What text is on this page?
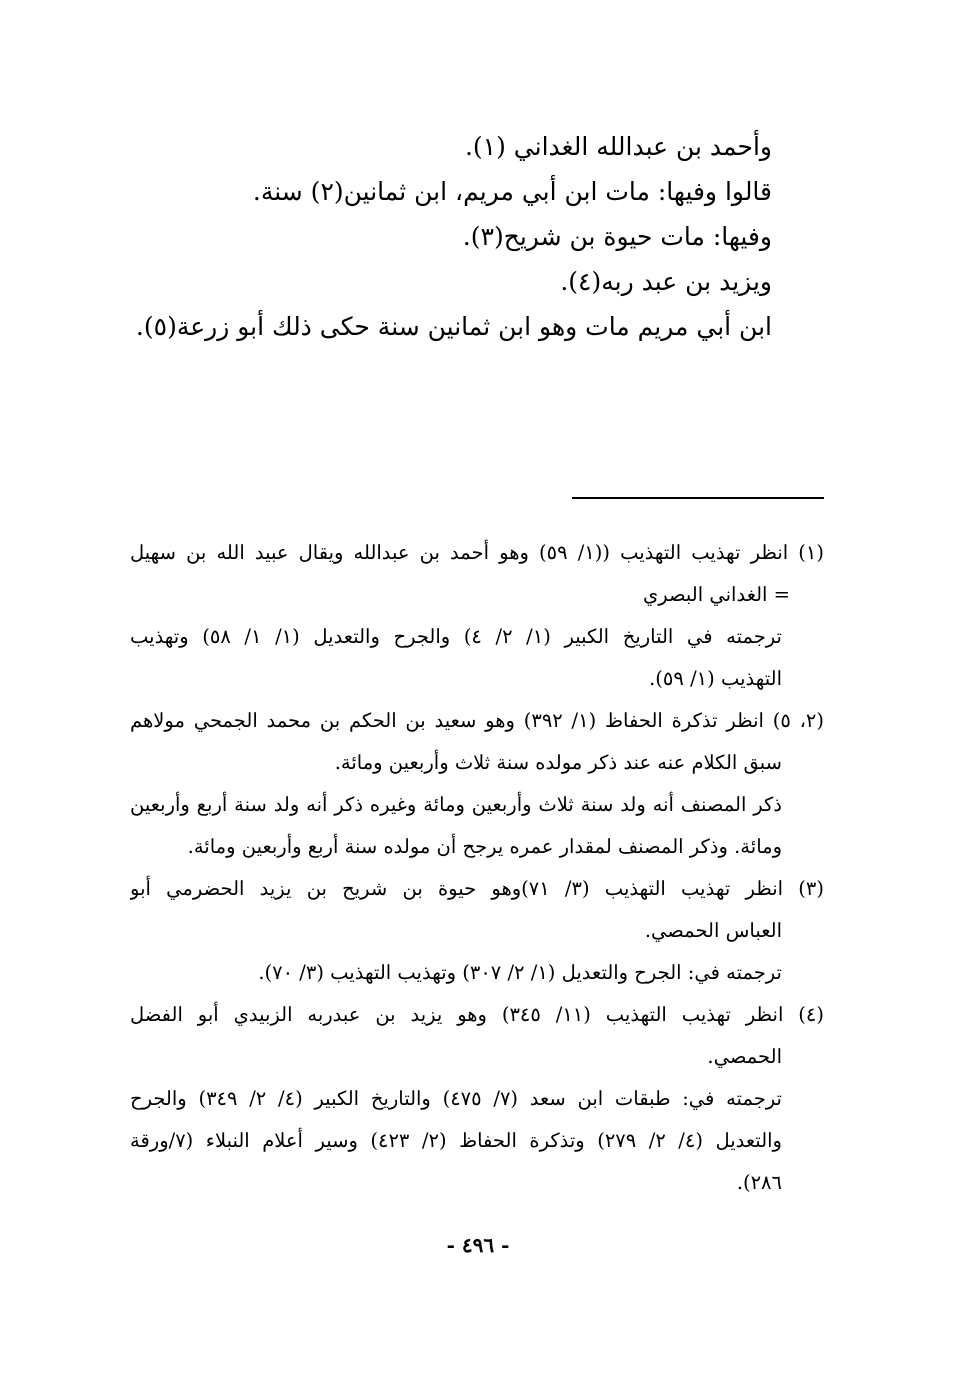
وأحمد بن عبدالله الغداني (١).

قالوا وفيها: مات ابن أبي مريم، ابن ثمانين(٢) سنة.

وفيها: مات حيوة بن شريح(٣).

ويزيد بن عبد ربه(٤).

ابن أبي مريم مات وهو ابن ثمانين سنة حكى ذلك أبو زرعة(٥).

(١) انظر تهذيب التهذيب ((١/ ٥٩) وهو أحمد بن عبدالله ويقال عبيد الله بن سهيل
= الغداني البصري
ترجمته في التاريخ الكبير (١/ ٢/ ٤) والجرح والتعديل (١/ ١/ ٥٨) وتهذيب
التهذيب (١/ ٥٩).
(٢، ٥) انظر تذكرة الحفاظ (١/ ٣٩٢) وهو سعيد بن الحكم بن محمد الجمحي مولاهم
سبق الكلام عنه عند ذكر مولده سنة ثلاث وأربعين ومائة.
ذكر المصنف أنه ولد سنة ثلاث وأربعين ومائة وغيره ذكر أنه ولد سنة أربع وأربعين
ومائة. وذكر المصنف لمقدار عمره يرجح أن مولده سنة أربع وأربعين ومائة.
(٣) انظر تهذيب التهذيب (٣/ ٧١)وهو حيوة بن شريح بن يزيد الحضرمي أبو
العباس الحمصي.
ترجمته في: الجرح والتعديل (١/ ٢/ ٣٠٧) وتهذيب التهذيب (٣/ ٧٠).
(٤) انظر تهذيب التهذيب (١١/ ٣٤٥) وهو يزيد بن عبدربه الزبيدي أبو الفضل
الحمصي.
ترجمته في: طبقات ابن سعد (٧/ ٤٧٥) والتاريخ الكبير (٤/ ٢/ ٣٤٩) والجرح
والتعديل (٤/ ٢/ ٢٧٩) وتذكرة الحفاظ (٢/ ٤٢٣) وسير أعلام النبلاء (٧/ورقة
٢٨٦).
- ٤٩٦ -
